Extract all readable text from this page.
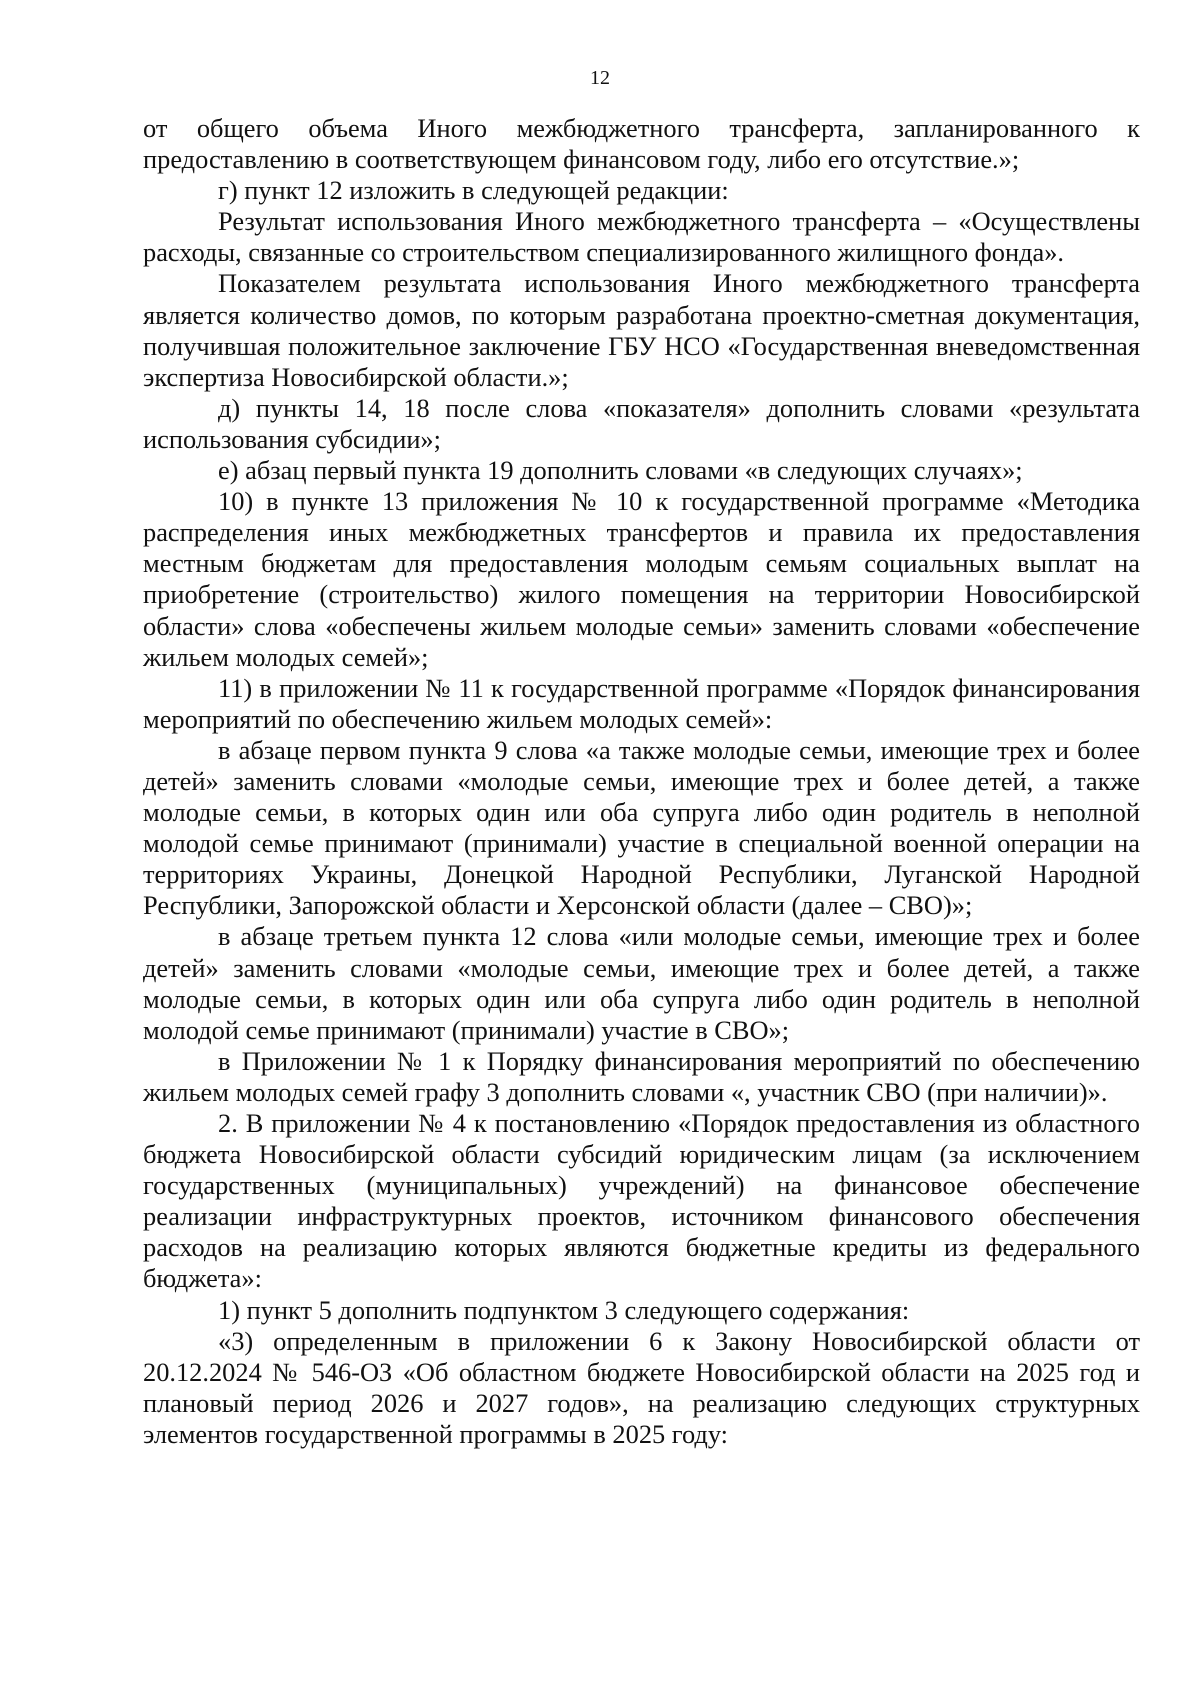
12

от общего объема Иного межбюджетного трансферта, запланированного к предоставлению в соответствующем финансовом году, либо его отсутствие.»;

г) пункт 12 изложить в следующей редакции:

Результат использования Иного межбюджетного трансферта – «Осуществлены расходы, связанные со строительством специализированного жилищного фонда».

Показателем результата использования Иного межбюджетного трансферта является количество домов, по которым разработана проектно-сметная документация, получившая положительное заключение ГБУ НСО «Государственная вневедомственная экспертиза Новосибирской области.»;

д) пункты 14, 18 после слова «показателя» дополнить словами «результата использования субсидии»;

е) абзац первый пункта 19 дополнить словами «в следующих случаях»;

10) в пункте 13 приложения № 10 к государственной программе «Методика распределения иных межбюджетных трансфертов и правила их предоставления местным бюджетам для предоставления молодым семьям социальных выплат на приобретение (строительство) жилого помещения на территории Новосибирской области» слова «обеспечены жильем молодые семьи» заменить словами «обеспечение жильем молодых семей»;

11) в приложении № 11 к государственной программе «Порядок финансирования мероприятий по обеспечению жильем молодых семей»:

в абзаце первом пункта 9 слова «а также молодые семьи, имеющие трех и более детей» заменить словами «молодые семьи, имеющие трех и более детей, а также молодые семьи, в которых один или оба супруга либо один родитель в неполной молодой семье принимают (принимали) участие в специальной военной операции на территориях Украины, Донецкой Народной Республики, Луганской Народной Республики, Запорожской области и Херсонской области (далее – СВО)»;

в абзаце третьем пункта 12 слова «или молодые семьи, имеющие трех и более детей» заменить словами «молодые семьи, имеющие трех и более детей, а также молодые семьи, в которых один или оба супруга либо один родитель в неполной молодой семье принимают (принимали) участие в СВО»;

в Приложении № 1 к Порядку финансирования мероприятий по обеспечению жильем молодых семей графу 3 дополнить словами «, участник СВО (при наличии)».

2. В приложении № 4 к постановлению «Порядок предоставления из областного бюджета Новосибирской области субсидий юридическим лицам (за исключением государственных (муниципальных) учреждений) на финансовое обеспечение реализации инфраструктурных проектов, источником финансового обеспечения расходов на реализацию которых являются бюджетные кредиты из федерального бюджета»:

1) пункт 5 дополнить подпунктом 3 следующего содержания:

«3) определенным в приложении 6 к Закону Новосибирской области от 20.12.2024 № 546-ОЗ «Об областном бюджете Новосибирской области на 2025 год и плановый период 2026 и 2027 годов», на реализацию следующих структурных элементов государственной программы в 2025 году:
